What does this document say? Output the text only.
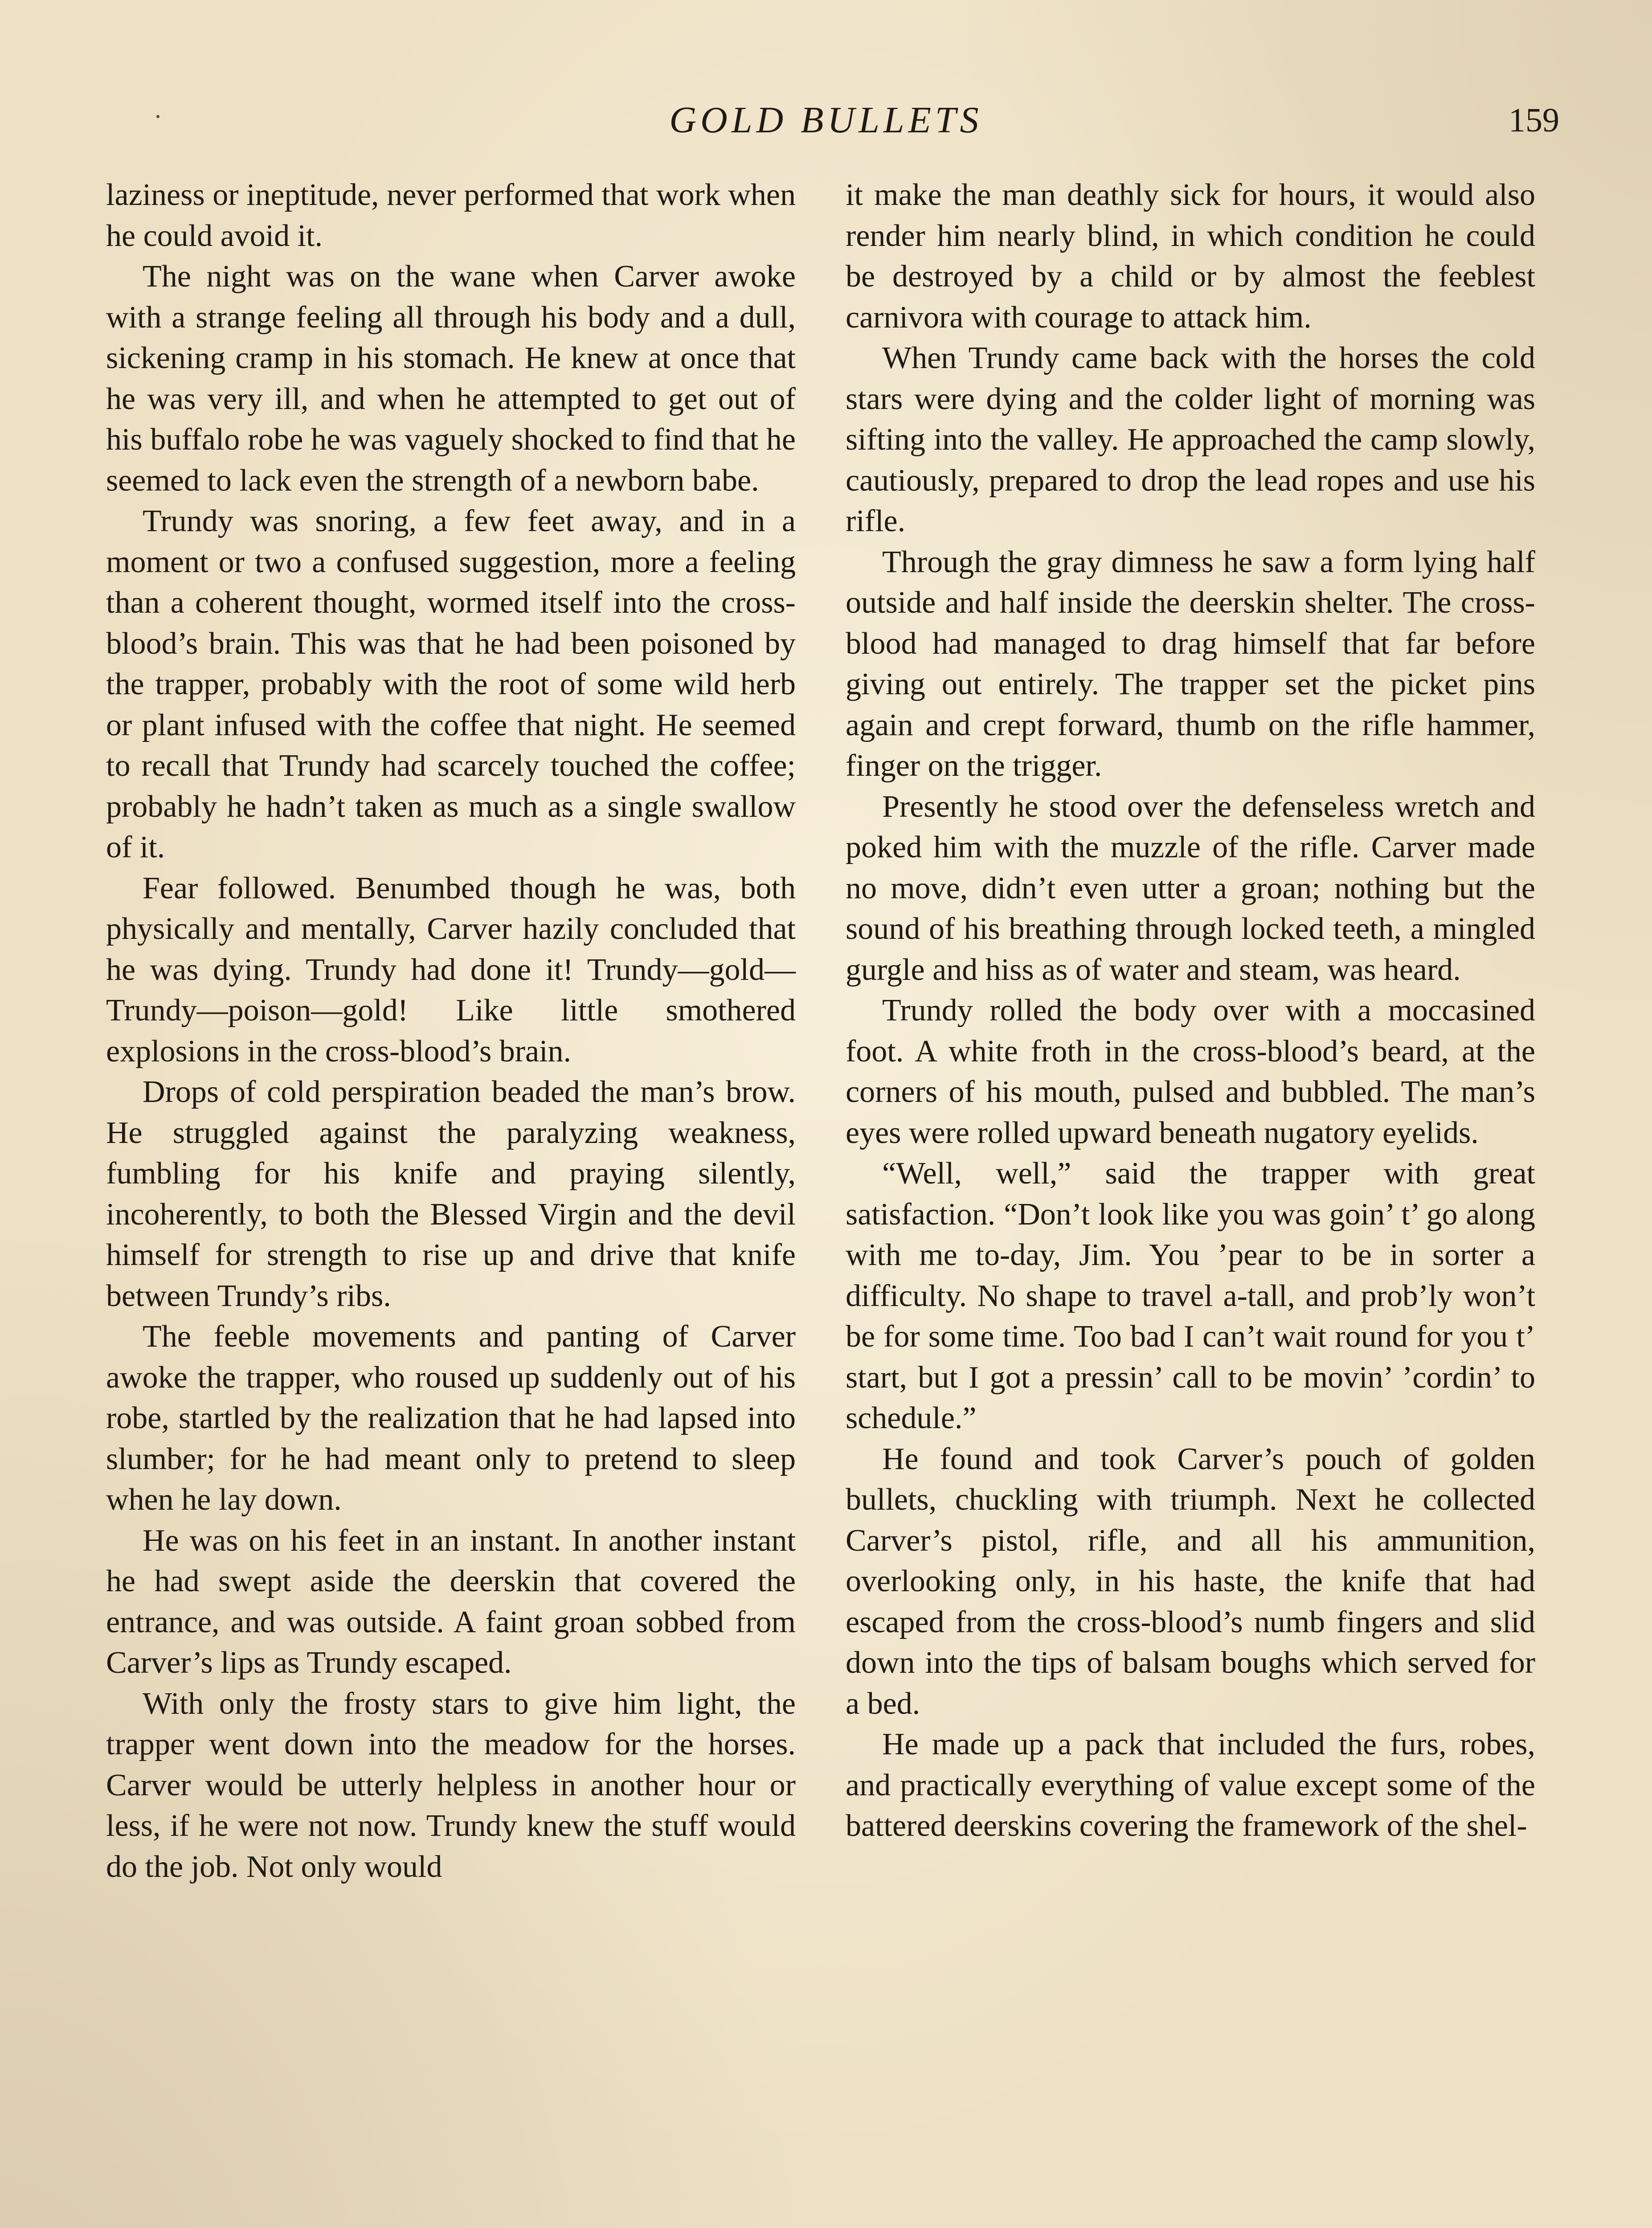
GOLD BULLETS	159

laziness or ineptitude, never performed that work when he could avoid it.

The night was on the wane when Carver awoke with a strange feeling all through his body and a dull, sickening cramp in his stomach. He knew at once that he was very ill, and when he attempted to get out of his buffalo robe he was vaguely shocked to find that he seemed to lack even the strength of a newborn babe.

Trundy was snoring, a few feet away, and in a moment or two a confused suggestion, more a feeling than a coherent thought, wormed itself into the cross-blood’s brain. This was that he had been poisoned by the trapper, probably with the root of some wild herb or plant infused with the coffee that night. He seemed to recall that Trundy had scarcely touched the coffee; probably he hadn’t taken as much as a single swallow of it.

Fear followed. Benumbed though he was, both physically and mentally, Carver hazily concluded that he was dying. Trundy had done it! Trundy—gold—Trundy—poison—gold! Like little smothered explosions in the cross-blood’s brain.

Drops of cold perspiration beaded the man’s brow. He struggled against the paralyzing weakness, fumbling for his knife and praying silently, incoherently, to both the Blessed Virgin and the devil himself for strength to rise up and drive that knife between Trundy’s ribs.

The feeble movements and panting of Carver awoke the trapper, who roused up suddenly out of his robe, startled by the realization that he had lapsed into slumber; for he had meant only to pretend to sleep when he lay down.

He was on his feet in an instant. In another instant he had swept aside the deerskin that covered the entrance, and was outside. A faint groan sobbed from Carver’s lips as Trundy escaped.

With only the frosty stars to give him light, the trapper went down into the meadow for the horses. Carver would be utterly helpless in another hour or less, if he were not now. Trundy knew the stuff would do the job. Not only would

it make the man deathly sick for hours, it would also render him nearly blind, in which condition he could be destroyed by a child or by almost the feeblest carnivora with courage to attack him.

When Trundy came back with the horses the cold stars were dying and the colder light of morning was sifting into the valley. He approached the camp slowly, cautiously, prepared to drop the lead ropes and use his rifle.

Through the gray dimness he saw a form lying half outside and half inside the deerskin shelter. The cross-blood had managed to drag himself that far before giving out entirely. The trapper set the picket pins again and crept forward, thumb on the rifle hammer, finger on the trigger.

Presently he stood over the defenseless wretch and poked him with the muzzle of the rifle. Carver made no move, didn’t even utter a groan; nothing but the sound of his breathing through locked teeth, a mingled gurgle and hiss as of water and steam, was heard.

Trundy rolled the body over with a moccasined foot. A white froth in the cross-blood’s beard, at the corners of his mouth, pulsed and bubbled. The man’s eyes were rolled upward beneath nugatory eyelids.

“Well, well,” said the trapper with great satisfaction. “Don’t look like you was goin’ t’ go along with me to-day, Jim. You ’pear to be in sorter a difficulty. No shape to travel a-tall, and prob’ly won’t be for some time. Too bad I can’t wait round for you t’ start, but I got a pressin’ call to be movin’ ’cordin’ to schedule.”

He found and took Carver’s pouch of golden bullets, chuckling with triumph. Next he collected Carver’s pistol, rifle, and all his ammunition, overlooking only, in his haste, the knife that had escaped from the cross-blood’s numb fingers and slid down into the tips of balsam boughs which served for a bed.

He made up a pack that included the furs, robes, and practically everything of value except some of the battered deerskins covering the framework of the shel-
